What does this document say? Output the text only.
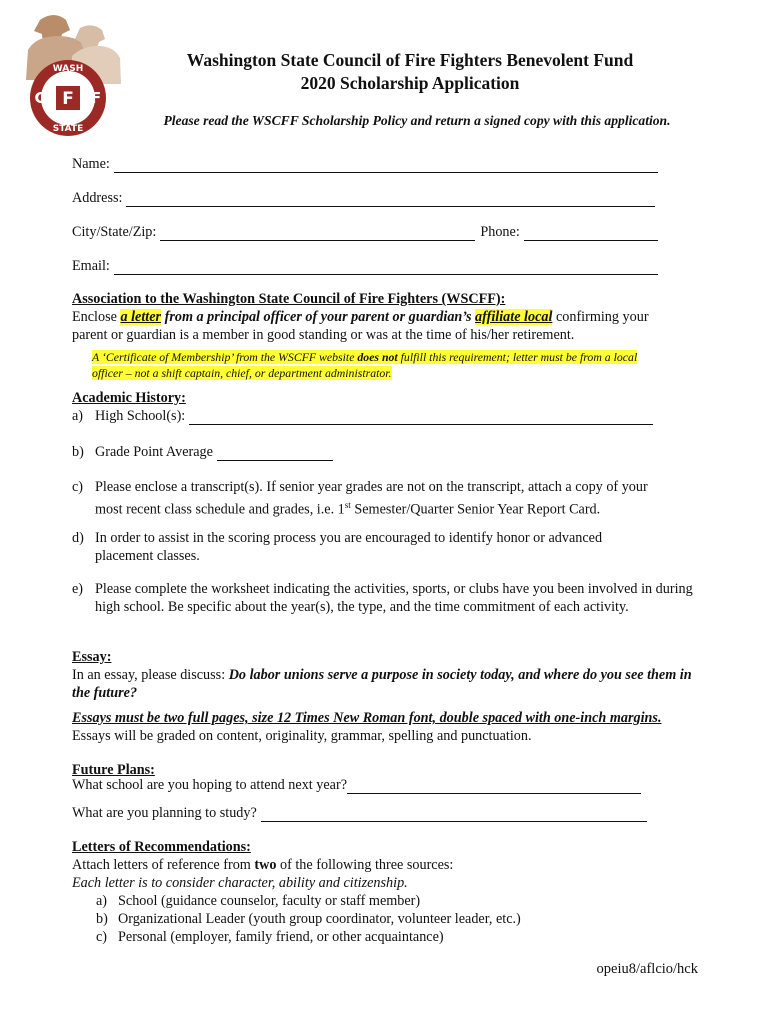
WASH
C F F
STATE
Washington State Council of Fire Fighters Benevolent Fund
2020 Scholarship Application
Please read the WSCFF Scholarship Policy and return a signed copy with this application.
Name:
Address:
City/State/Zip:	Phone:
Email:
Association to the Washington State Council of Fire Fighters (WSCFF):
Enclose a letter from a principal officer of your parent or guardian’s affiliate local confirming your
parent or guardian is a member in good standing or was at the time of his/her retirement.
A ‘Certificate of Membership’ from the WSCFF website does not fulfill this requirement; letter must be from a local
officer – not a shift captain, chief, or department administrator.
Academic History:
a) High School(s):
b) Grade Point Average
c) Please enclose a transcript(s). If senior year grades are not on the transcript, attach a copy of your
most recent class schedule and grades, i.e. 1st Semester/Quarter Senior Year Report Card.
d) In order to assist in the scoring process you are encouraged to identify honor or advanced placement classes.
e) Please complete the worksheet indicating the activities, sports, or clubs have you been involved in during high school. Be specific about the year(s), the type, and the time commitment of each activity.
Essay:
In an essay, please discuss: Do labor unions serve a purpose in society today, and where do you see them in the future?
Essays must be two full pages, size 12 Times New Roman font, double spaced with one-inch margins. Essays will be graded on content, originality, grammar, spelling and punctuation.
Future Plans:
What school are you hoping to attend next year?
What are you planning to study?
Letters of Recommendations:
Attach letters of reference from two of the following three sources:
Each letter is to consider character, ability and citizenship.
a) School (guidance counselor, faculty or staff member)
b) Organizational Leader (youth group coordinator, volunteer leader, etc.)
c) Personal (employer, family friend, or other acquaintance)
opeiu8/aflcio/hck
